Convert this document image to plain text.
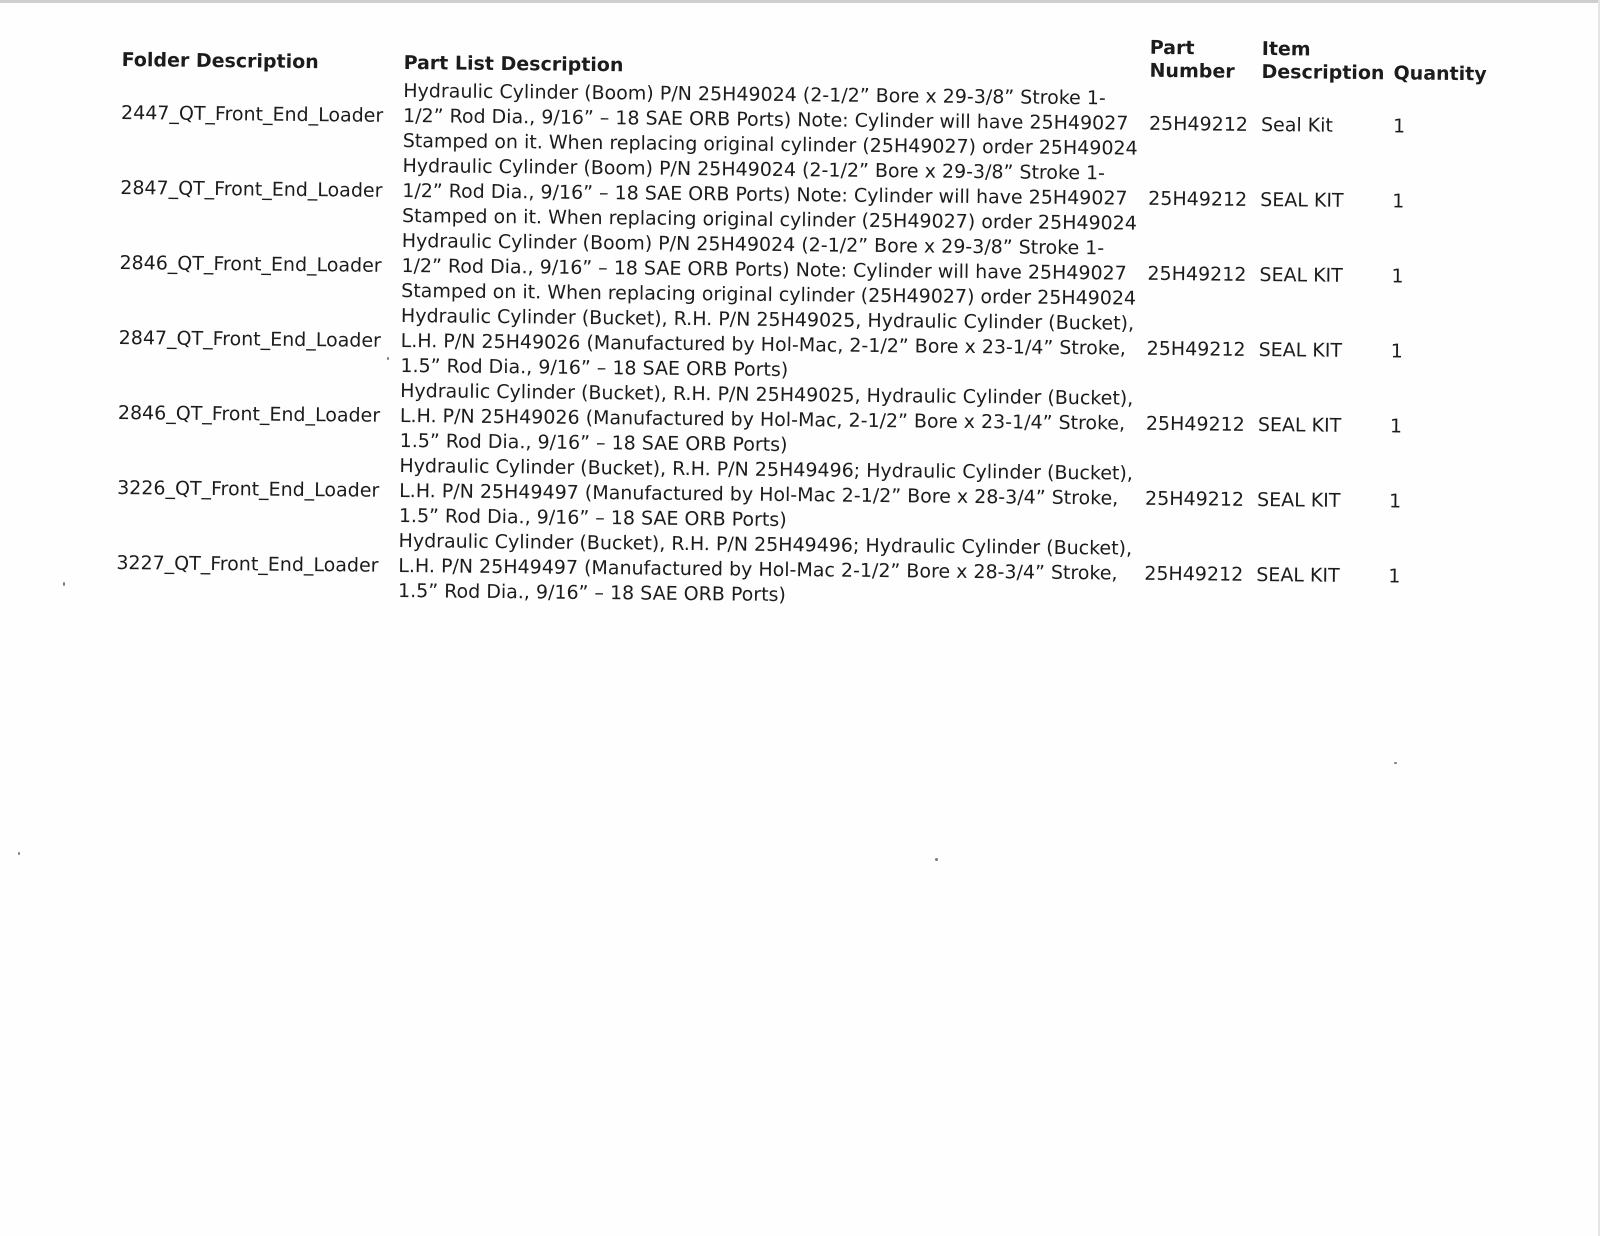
Folder Description	Part List Description	Part Number	Item Description	Quantity
2447_QT_Front_End_Loader	Hydraulic Cylinder (Boom) P/N 25H49024 (2-1/2” Bore x 29-3/8” Stroke 1-1/2” Rod Dia., 9/16” – 18 SAE ORB Ports) Note: Cylinder will have 25H49027 Stamped on it. When replacing original cylinder (25H49027) order 25H49024	25H49212	Seal Kit	1
2847_QT_Front_End_Loader	Hydraulic Cylinder (Boom) P/N 25H49024 (2-1/2” Bore x 29-3/8” Stroke 1-1/2” Rod Dia., 9/16” – 18 SAE ORB Ports) Note: Cylinder will have 25H49027 Stamped on it. When replacing original cylinder (25H49027) order 25H49024	25H49212	SEAL KIT	1
2846_QT_Front_End_Loader	Hydraulic Cylinder (Boom) P/N 25H49024 (2-1/2” Bore x 29-3/8” Stroke 1-1/2” Rod Dia., 9/16” – 18 SAE ORB Ports) Note: Cylinder will have 25H49027 Stamped on it. When replacing original cylinder (25H49027) order 25H49024	25H49212	SEAL KIT	1
2847_QT_Front_End_Loader	Hydraulic Cylinder (Bucket), R.H. P/N 25H49025, Hydraulic Cylinder (Bucket), L.H. P/N 25H49026 (Manufactured by Hol-Mac, 2-1/2” Bore x 23-1/4” Stroke, 1.5” Rod Dia., 9/16” – 18 SAE ORB Ports)	25H49212	SEAL KIT	1
2846_QT_Front_End_Loader	Hydraulic Cylinder (Bucket), R.H. P/N 25H49025, Hydraulic Cylinder (Bucket), L.H. P/N 25H49026 (Manufactured by Hol-Mac, 2-1/2” Bore x 23-1/4” Stroke, 1.5” Rod Dia., 9/16” – 18 SAE ORB Ports)	25H49212	SEAL KIT	1
3226_QT_Front_End_Loader	Hydraulic Cylinder (Bucket), R.H. P/N 25H49496; Hydraulic Cylinder (Bucket), L.H. P/N 25H49497 (Manufactured by Hol-Mac 2-1/2” Bore x 28-3/4” Stroke, 1.5” Rod Dia., 9/16” – 18 SAE ORB Ports)	25H49212	SEAL KIT	1
3227_QT_Front_End_Loader	Hydraulic Cylinder (Bucket), R.H. P/N 25H49496; Hydraulic Cylinder (Bucket), L.H. P/N 25H49497 (Manufactured by Hol-Mac 2-1/2” Bore x 28-3/4” Stroke, 1.5” Rod Dia., 9/16” – 18 SAE ORB Ports)	25H49212	SEAL KIT	1
